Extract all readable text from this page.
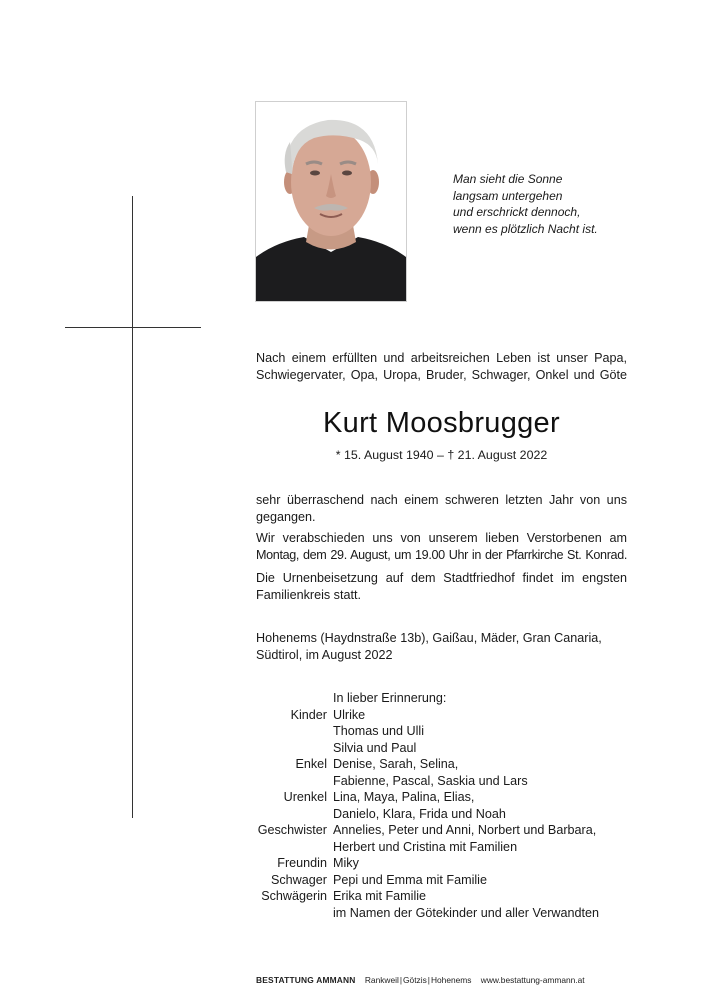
Man sieht die Sonne
langsam untergehen
und erschrickt dennoch,
wenn es plötzlich Nacht ist.
Nach einem erfüllten und arbeitsreichen Leben ist unser Papa,
Schwiegervater, Opa, Uropa, Bruder, Schwager, Onkel und Göte
Kurt Moosbrugger
* 15. August 1940 – † 21. August 2022
sehr überraschend nach einem schweren letzten Jahr von uns
gegangen.
Wir verabschieden uns von unserem lieben Verstorbenen am
Montag, dem 29. August, um 19.00 Uhr in der Pfarrkirche St. Konrad.
Die Urnenbeisetzung auf dem Stadtfriedhof findet im engsten
Familienkreis statt.
Hohenems (Haydnstraße 13b), Gaißau, Mäder, Gran Canaria,
Südtirol, im August 2022
In lieber Erinnerung:
Kinder Ulrike
Thomas und Ulli
Silvia und Paul
Enkel Denise, Sarah, Selina,
Fabienne, Pascal, Saskia und Lars
Urenkel Lina, Maya, Palina, Elias,
Danielo, Klara, Frida und Noah
Geschwister Annelies, Peter und Anni, Norbert und Barbara,
Herbert und Cristina mit Familien
Freundin Miky
Schwager Pepi und Emma mit Familie
Schwägerin Erika mit Familie
im Namen der Götekinder und aller Verwandten
BESTATTUNG AMMANN Rankweil|Götzis|Hohenems www.bestattung-ammann.at
